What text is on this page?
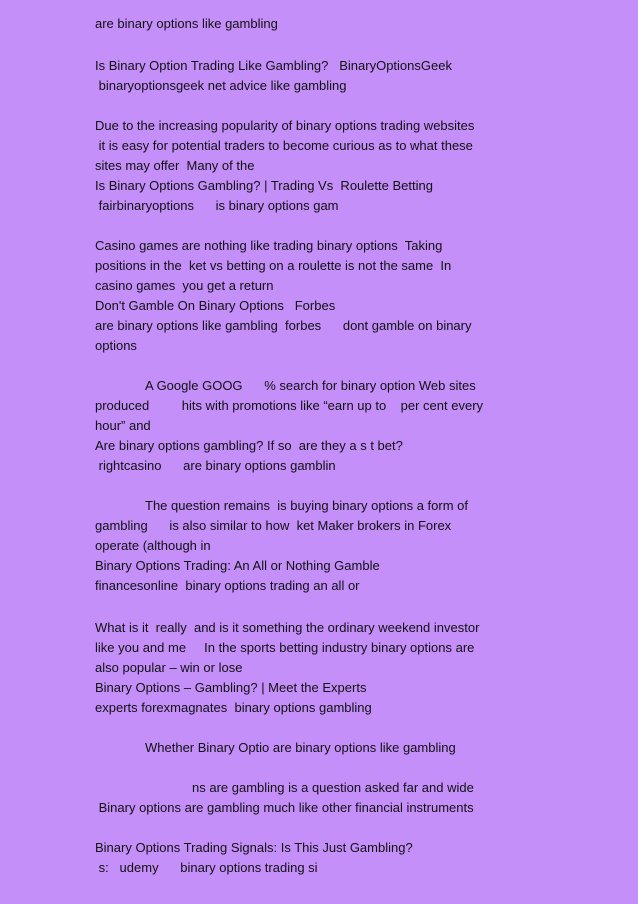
are binary options like gambling
Is Binary Option Trading Like Gambling?   BinaryOptionsGeek
binaryoptionsgeek net advice like gambling
Due to the increasing popularity of binary options trading websites
it is easy for potential traders to become curious as to what these
sites may offer  Many of the
Is Binary Options Gambling? | Trading Vs  Roulette Betting
fairbinaryoptions      is binary options gam
Casino games are nothing like trading binary options  Taking
positions in the  ket vs betting on a roulette is not the same  In
casino games  you get a return
Don't Gamble On Binary Options   Forbes
are binary options like gambling  forbes      dont gamble on binary
options
A Google GOOG      % search for binary option Web sites
produced         hits with promotions like “earn up to    per cent every
hour” and
Are binary options gambling? If so  are they a s t bet?
rightcasino      are binary options gamblin
The question remains  is buying binary options a form of
gambling      is also similar to how  ket Maker brokers in Forex
operate (although in
Binary Options Trading: An All or Nothing Gamble
financesonline  binary options trading an all or
What is it  really  and is it something the ordinary weekend investor
like you and me     In the sports betting industry binary options are
also popular – win or lose
Binary Options – Gambling? | Meet the Experts
experts forexmagnates  binary options gambling
Whether Binary Optio are binary options like gambling
ns are gambling is a question asked far and wide
Binary options are gambling much like other financial instruments
Binary Options Trading Signals: Is This Just Gambling?
s:   udemy      binary options trading si
